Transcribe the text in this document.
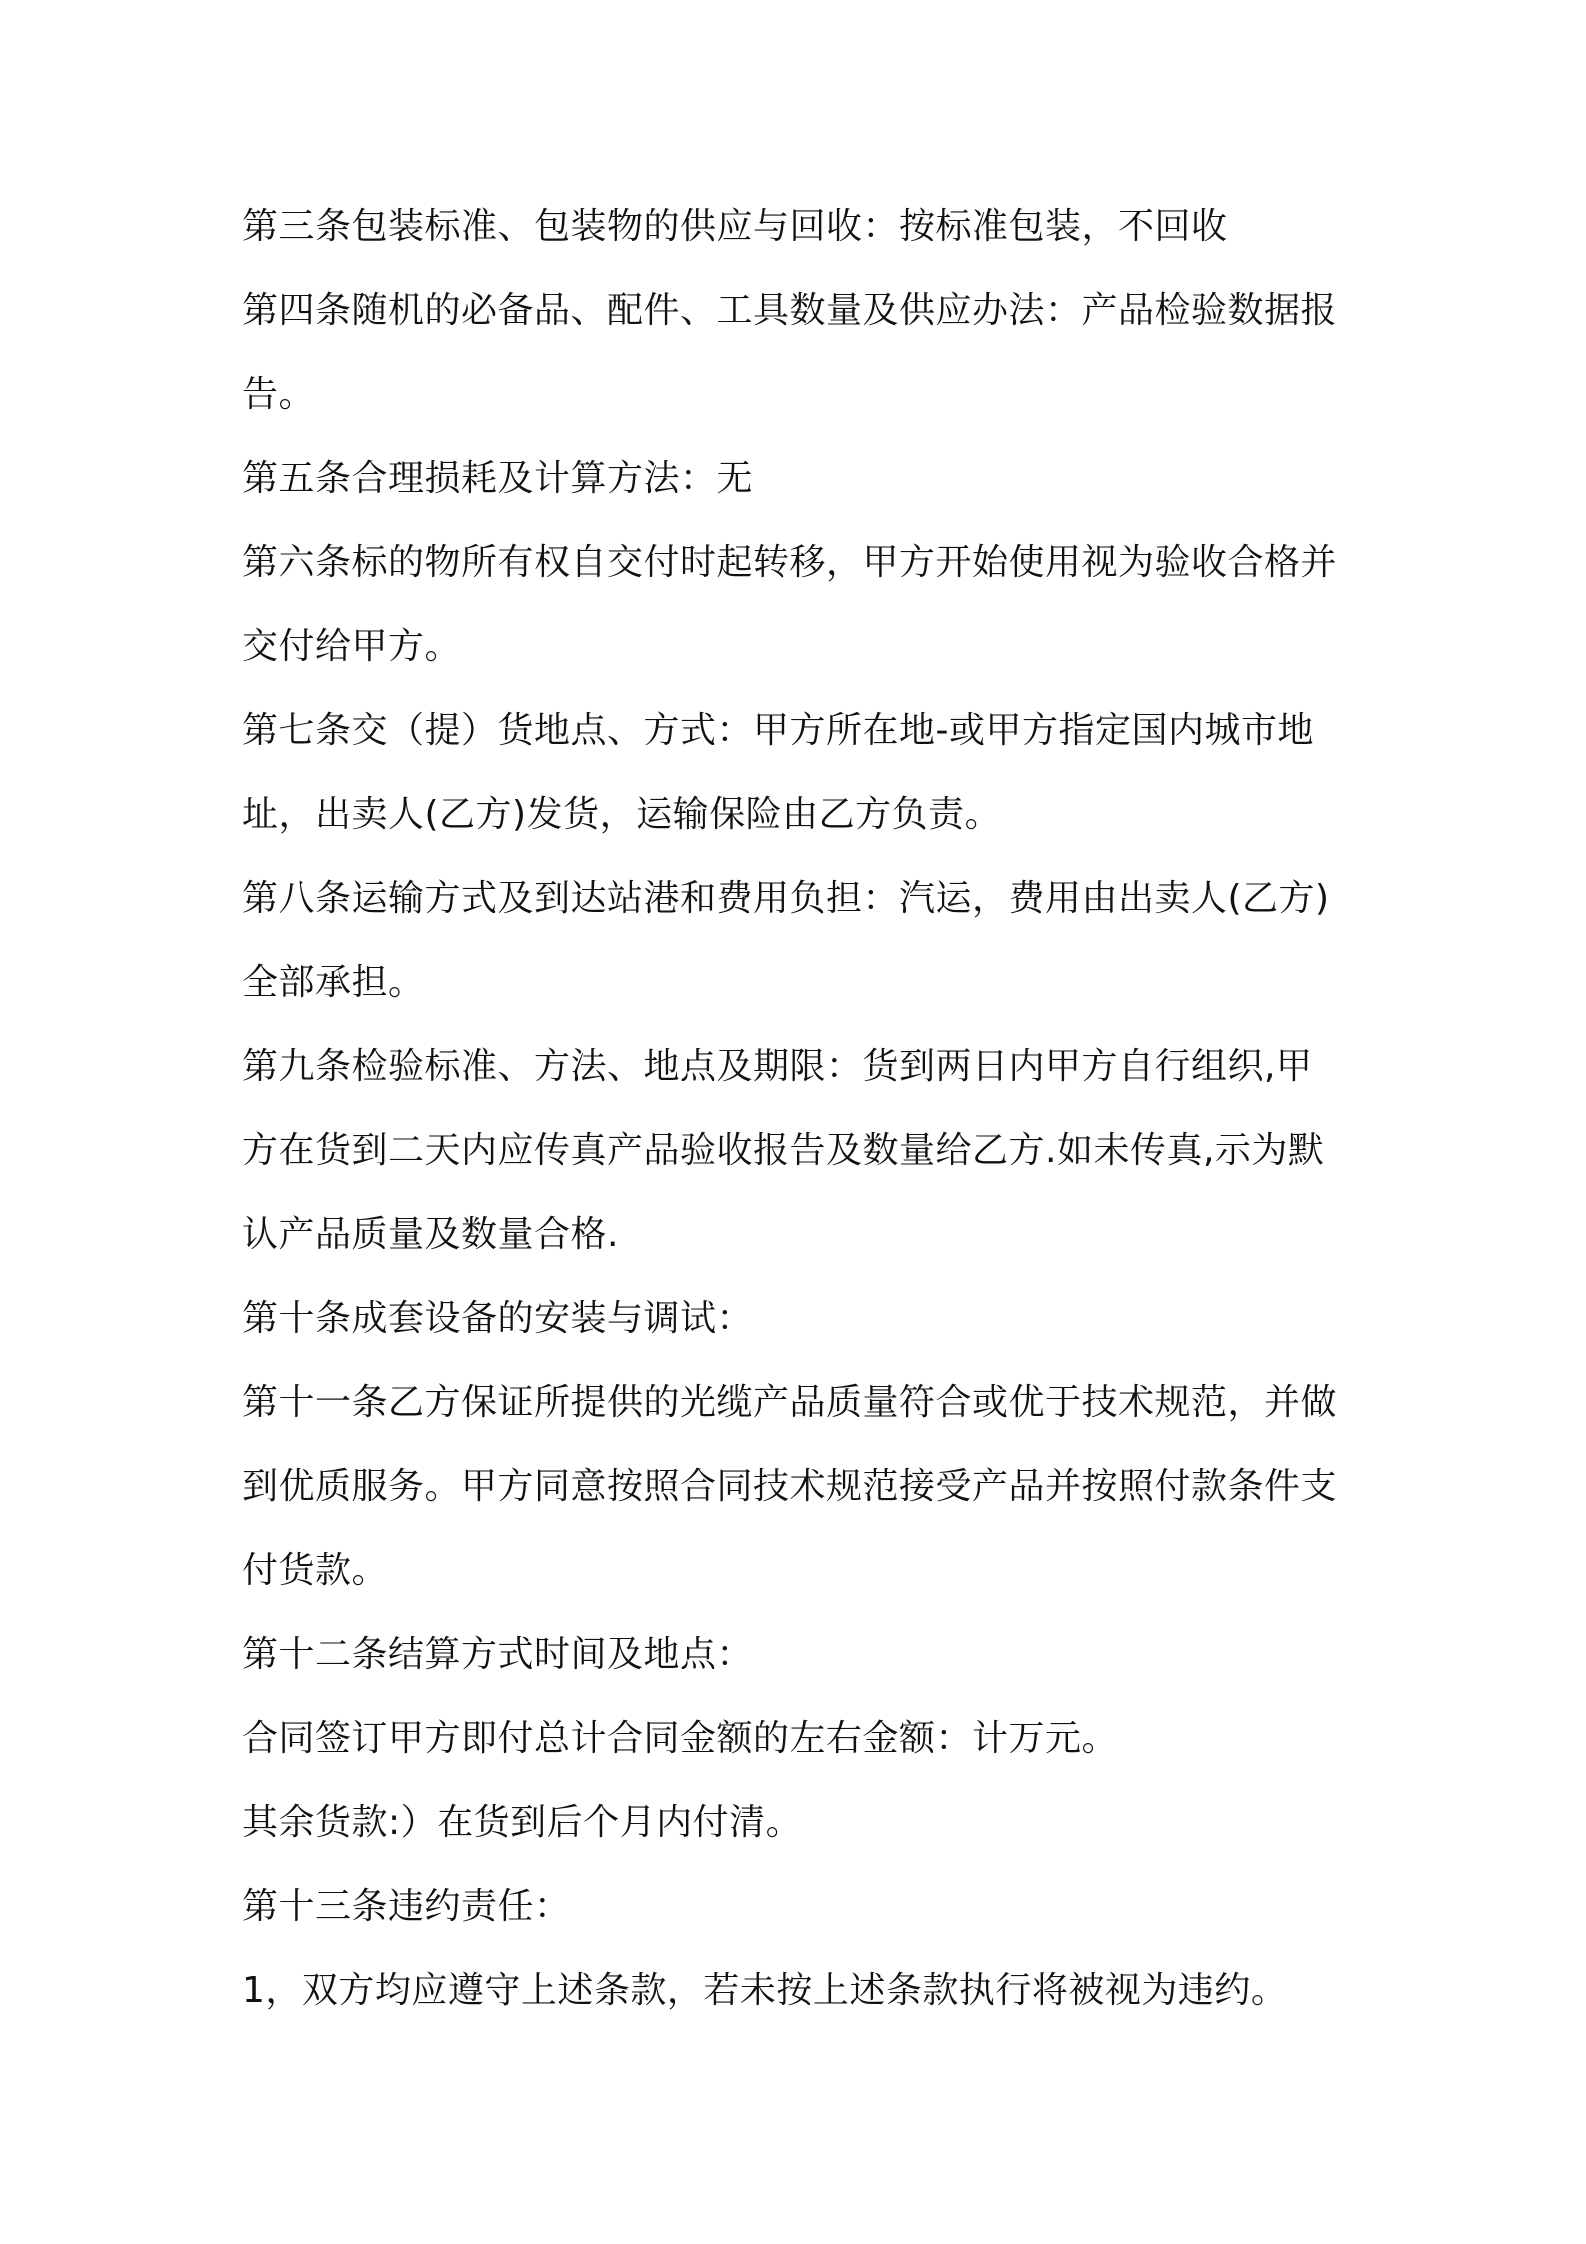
第三条包装标准、包装物的供应与回收：按标准包装，不回收
第四条随机的必备品、配件、工具数量及供应办法：产品检验数据报
告。
第五条合理损耗及计算方法：无
第六条标的物所有权自交付时起转移，甲方开始使用视为验收合格并
交付给甲方。
第七条交（提）货地点、方式：甲方所在地-或甲方指定国内城市地
址，出卖人(乙方)发货，运输保险由乙方负责。
第八条运输方式及到达站港和费用负担：汽运，费用由出卖人(乙方)
全部承担。
第九条检验标准、方法、地点及期限：货到两日内甲方自行组织,甲
方在货到二天内应传真产品验收报告及数量给乙方.如未传真,示为默
认产品质量及数量合格.
第十条成套设备的安装与调试：
第十一条乙方保证所提供的光缆产品质量符合或优于技术规范，并做
到优质服务。甲方同意按照合同技术规范接受产品并按照付款条件支
付货款。
第十二条结算方式时间及地点：
合同签订甲方即付总计合同金额的左右金额：计万元。
其余货款:）在货到后个月内付清。
第十三条违约责任：
1，双方均应遵守上述条款，若未按上述条款执行将被视为违约。
